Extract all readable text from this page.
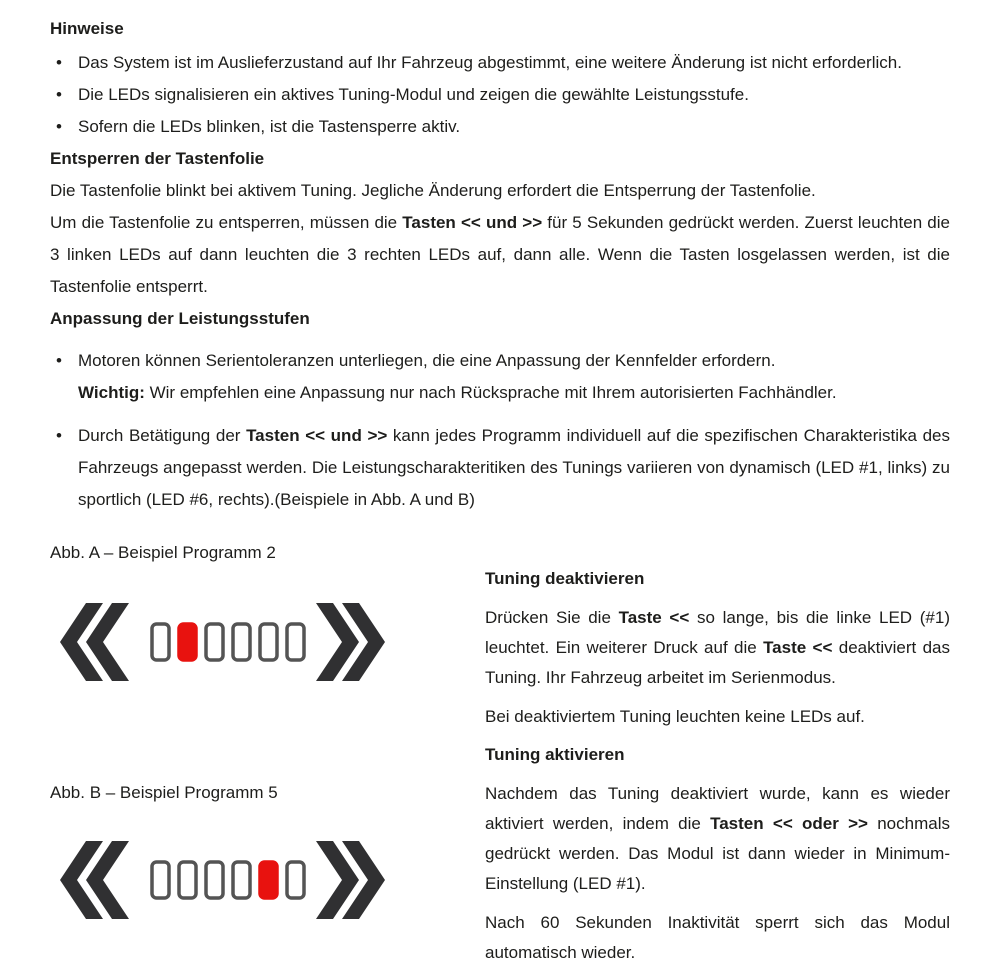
Hinweise
• Das System ist im Auslieferzustand auf Ihr Fahrzeug abgestimmt, eine weitere Änderung ist nicht erforderlich.

• Die LEDs signalisieren ein aktives Tuning-Modul und zeigen die gewählte Leistungsstufe.

• Sofern die LEDs blinken, ist die Tastensperre aktiv.

Entsperren der Tastenfolie

Die Tastenfolie blinkt bei aktivem Tuning. Jegliche Änderung erfordert die Entsperrung der Tastenfolie.

Um die Tastenfolie zu entsperren, müssen die Tasten << und >> für 5 Sekunden gedrückt werden. Zuerst leuchten die 3 linken LEDs auf dann leuchten die 3 rechten LEDs auf, dann alle. Wenn die Tasten losgelassen werden, ist die Tastenfolie entsperrt.

Anpassung der Leistungsstufen
• Motoren können Serientoleranzen unterliegen, die eine Anpassung der Kennfelder erfordern.

Wichtig: Wir empfehlen eine Anpassung nur nach Rücksprache mit Ihrem autorisierten Fachhändler.

• Durch Betätigung der Tasten << und >> kann jedes Programm individuell auf die spezifischen Charakteristika des Fahrzeugs angepasst werden. Die Leistungscharakteritiken des Tunings variieren von dynamisch (LED #1, links) zu sportlich (LED #6, rechts).(Beispiele in Abb. A und B)

Abb. A – Beispiel Programm 2

Abb. B – Beispiel Programm 5

Tuning deaktivieren

Drücken Sie die Taste << so lange, bis die linke LED (#1) leuchtet. Ein weiterer Druck auf die Taste << deaktiviert das Tuning. Ihr Fahrzeug arbeitet im Serienmodus.

Bei deaktiviertem Tuning leuchten keine LEDs auf.

Tuning aktivieren

Nachdem das Tuning deaktiviert wurde, kann es wieder aktiviert werden, indem die Tasten << oder >> nochmals gedrückt werden. Das Modul ist dann wieder in Minimum-Einstellung (LED #1).

Nach 60 Sekunden Inaktivität sperrt sich das Modul automatisch wieder.
